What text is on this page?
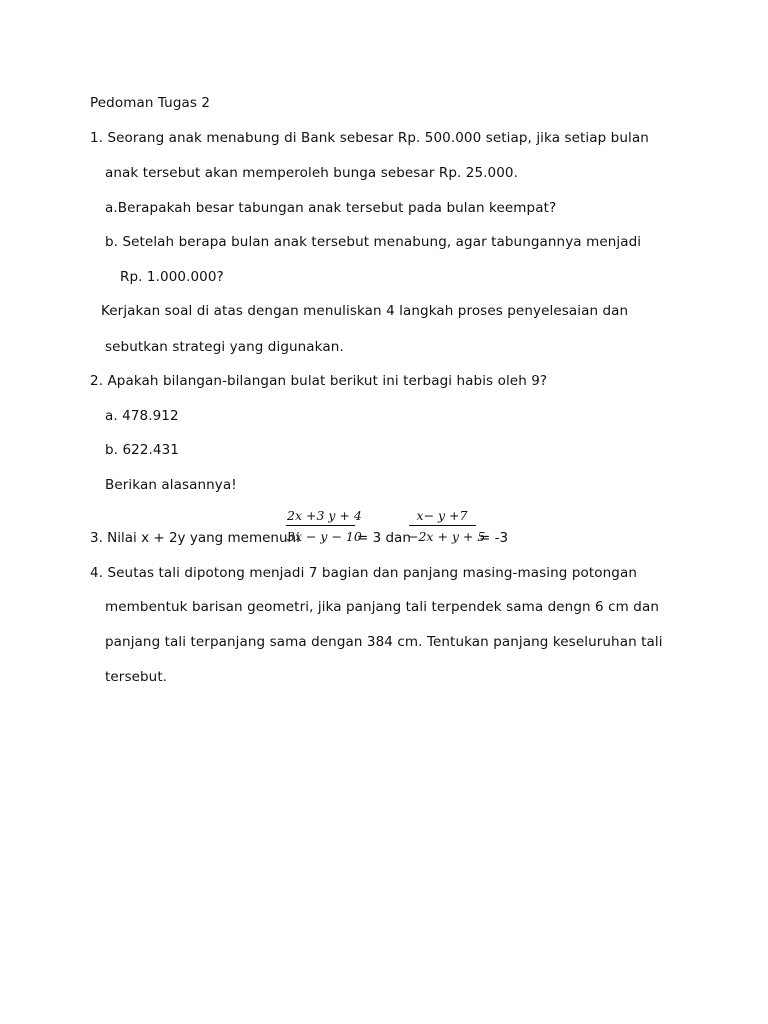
Pedoman Tugas 2
1. Seorang anak menabung di Bank sebesar Rp. 500.000 setiap, jika setiap bulan
anak tersebut akan memperoleh bunga sebesar Rp. 25.000.
a.Berapakah besar tabungan anak tersebut pada bulan keempat?
b. Setelah berapa bulan anak tersebut menabung, agar tabungannya menjadi
Rp. 1.000.000?
Kerjakan soal di atas dengan menuliskan 4 langkah proses penyelesaian dan
sebutkan strategi yang digunakan.
2. Apakah bilangan-bilangan bulat berikut ini terbagi habis oleh 9?
a. 478.912
b. 622.431
Berikan alasannya!
3. Nilai x + 2y yang memenuhi
2x +3 y + 4
3x − y − 10
= 3 dan
x− y +7
−2x + y + 5
= -3
4. Seutas tali dipotong menjadi 7 bagian dan panjang masing-masing potongan
membentuk barisan geometri, jika panjang tali terpendek sama dengn 6 cm dan
panjang tali terpanjang sama dengan 384 cm. Tentukan panjang keseluruhan tali
tersebut.
